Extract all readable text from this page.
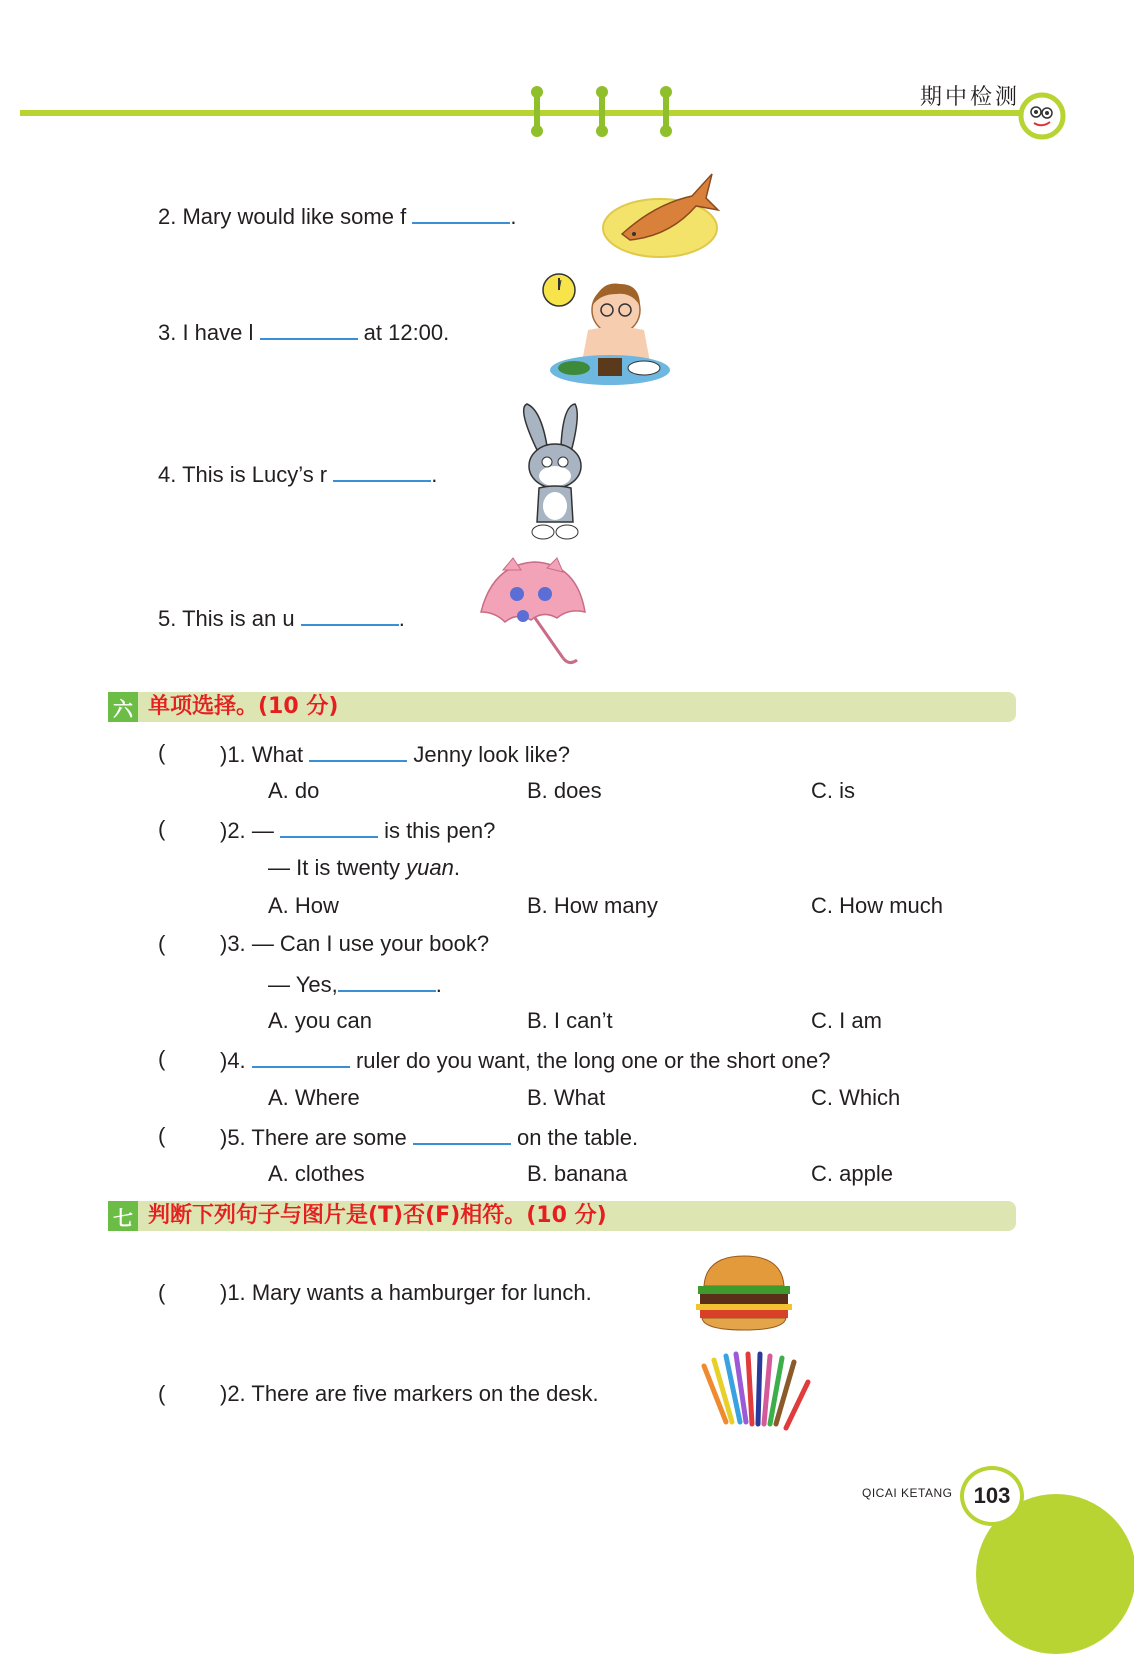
期中检测
2. Mary would like some f	.
3. I have l	at 12:00.
4. This is Lucy’s r	.
5. This is an u	.
六 单项选择。(10 分)
( )1. What	Jenny look like?
A. do	B. does	C. is
( )2. —	is this pen?
— It is twenty yuan.
A. How	B. How many	C. How much
( )3. — Can I use your book?
— Yes,	.
A. you can	B. I can’t	C. I am
( )4.	ruler do you want, the long one or the short one?
A. Where	B. What	C. Which
( )5. There are some	on the table.
A. clothes	B. banana	C. apple
七 判断下列句子与图片是(T)否(F)相符。(10 分)
( )1. Mary wants a hamburger for lunch.
( )2. There are five markers on the desk.
QICAI KETANG 103
